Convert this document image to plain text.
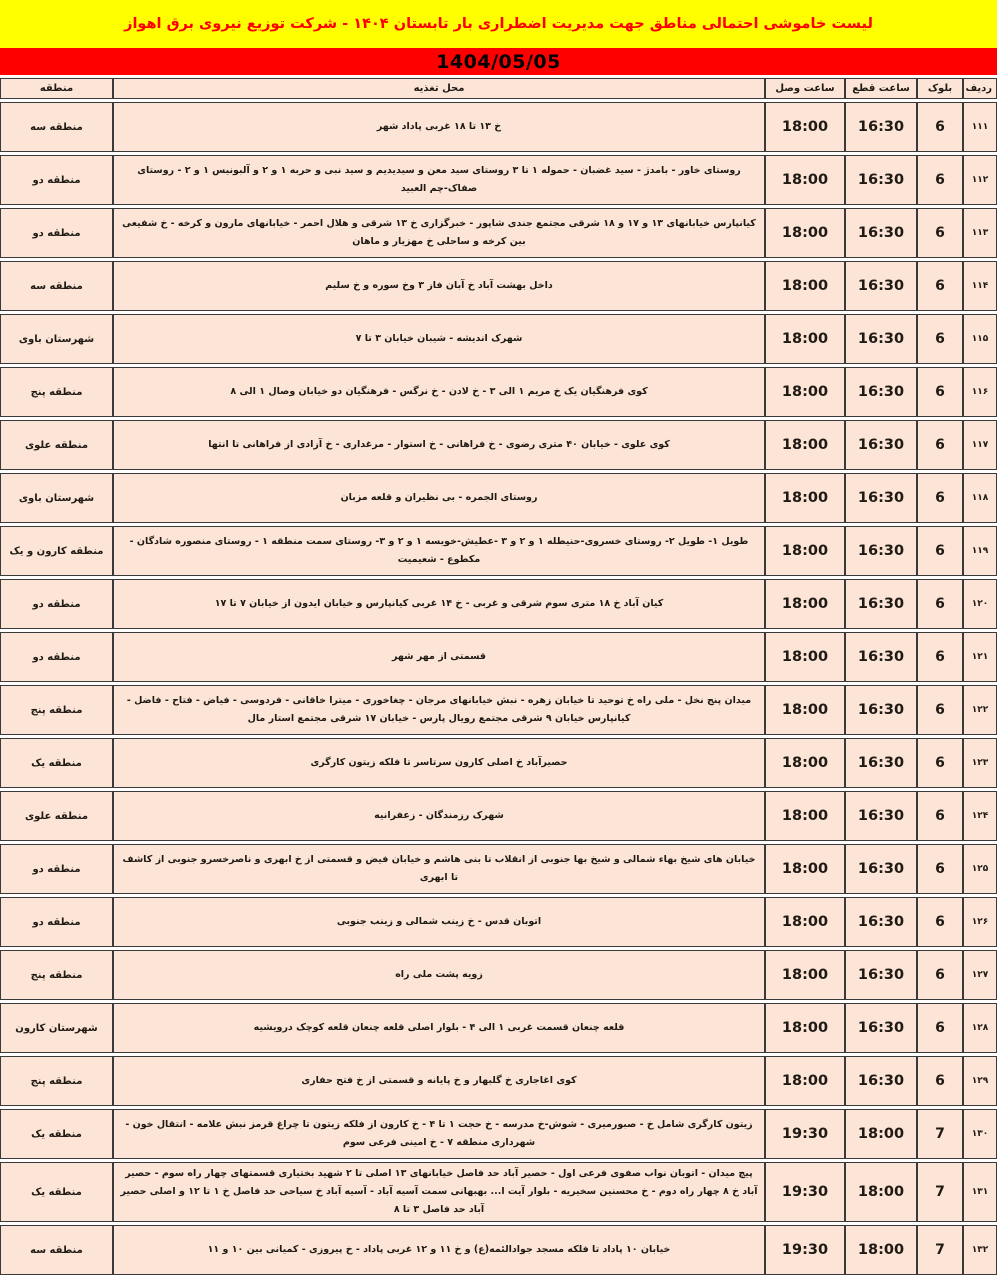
لیست خاموشی احتمالی مناطق جهت مدیریت اضطراری بار تابستان ۱۴۰۴ - شرکت توزیع نیروی برق اهواز
1404/05/05
ردیف	بلوک	ساعت قطع	ساعت وصل	محل تغذیه	منطقه
۱۱۱	6	16:30	18:00	خ ۱۳ تا ۱۸ غربی پاداد شهر	منطقه سه
۱۱۲	6	16:30	18:00	روستای خاور - بامدژ - سید غضبان - حموله ۱ تا ۳ روستای سید معن و سیدیدیم و سید نبی و حربه ۱ و ۲ و آلبونیس ۱ و ۲ - روستای صفاک-چم العبید	منطقه دو
۱۱۳	6	16:30	18:00	کیانپارس خیابانهای ۱۳ و ۱۷ و ۱۸ شرقی مجتمع جندی شاپور - خبرگزاری خ ۱۳ شرقی و هلال احمر - خیابانهای مارون و کرخه - خ شفیعی بین کرخه و ساحلی خ مهزیار و ماهان	منطقه دو
۱۱۴	6	16:30	18:00	داخل بهشت آباد خ آبان فاز ۳ وخ سوره و خ سلیم	منطقه سه
۱۱۵	6	16:30	18:00	شهرک اندیشه - شیبان خیابان ۳ تا ۷	شهرستان باوی
۱۱۶	6	16:30	18:00	کوی فرهنگیان یک خ مریم ۱ الی ۳ - خ لادن - خ نرگس - فرهنگیان دو خیابان وصال ۱ الی ۸	منطقه پنج
۱۱۷	6	16:30	18:00	کوی علوی - خیابان ۴۰ متری رضوی - خ فراهانی - خ استوار - مرغداری - خ آزادی از فراهانی تا انتها	منطقه علوی
۱۱۸	6	16:30	18:00	روستای الجمره - بی نظیران و قلعه مزبان	شهرستان باوی
۱۱۹	6	16:30	18:00	طویل ۱- طویل ۲- روستای خسروی-حنیطله ۱ و ۲ و ۳ -عطیش-خویسه ۱ و ۲ و ۳- روستای سمت منطقه ۱ - روستای منصوره شادگان - مکطوع - شعیمیت	منطقه کارون و یک
۱۲۰	6	16:30	18:00	کیان آباد خ ۱۸ متری سوم شرقی و غربی - خ ۱۴ غربی کیانپارس و خیابان ایدون از خیابان ۷ تا ۱۷	منطقه دو
۱۲۱	6	16:30	18:00	قسمتی از مهر شهر	منطقه دو
۱۲۲	6	16:30	18:00	میدان پنج نخل - ملی راه خ توحید تا خیابان زهره - نبش خیابانهای مرجان - چغاخوری - میترا خاقانی - فردوسی - فیاض - فتاح - فاضل - کیانپارس خیابان ۹ شرقی مجتمع رویال پارس - خیابان ۱۷ شرقی مجتمع استار مال	منطقه پنج
۱۲۳	6	16:30	18:00	حصیرآباد خ اصلی کارون سرتاسر تا فلکه زیتون کارگری	منطقه یک
۱۲۴	6	16:30	18:00	شهرک رزمندگان - زعفرانیه	منطقه علوی
۱۲۵	6	16:30	18:00	خیابان های شیخ بهاء شمالی و شیخ بها جنوبی از انقلاب تا بنی هاشم و خیابان فیض و قسمتی از خ ابهری و ناصرخسرو جنوبی از کاشف تا ابهری	منطقه دو
۱۲۶	6	16:30	18:00	اتوبان قدس - خ زینب شمالی و زینب جنوبی	منطقه دو
۱۲۷	6	16:30	18:00	زویه پشت ملی راه	منطقه پنج
۱۲۸	6	16:30	18:00	قلعه چنعان قسمت غربی ۱ الی ۴ - بلوار اصلی قلعه چنعان قلعه کوچک درویشیه	شهرستان کارون
۱۲۹	6	16:30	18:00	کوی اغاجاری خ گلبهار و خ پایانه و قسمتی از خ فتح حفاری	منطقه پنج
۱۳۰	7	18:00	19:30	زیتون کارگری شامل خ - صبورمیری - شوش-خ مدرسه - خ حجت ۱ تا ۴ - خ کارون از فلکه زیتون تا چراغ قرمز نبش علامه - انتقال خون - شهرداری منطقه ۷ - خ امینی فرعی سوم	منطقه یک
۱۳۱	7	18:00	19:30	پیچ میدان - اتوبان نواب صفوی فرعی اول - حصیر آباد حد فاصل خیابانهای ۱۳ اصلی تا ۲ شهید بختیاری قسمتهای چهار راه سوم - حصیر آباد خ ۸ چهار راه دوم - خ محسنین سخیریه - بلوار آیت ا... بهبهانی سمت آسیه آباد - آسیه آباد خ سیاحی حد فاصل خ ۱ تا ۱۲ و اصلی حصیر آباد حد فاصل ۳ تا ۸	منطقه یک
۱۳۲	7	18:00	19:30	خیابان ۱۰ پاداد تا فلکه مسجد جوادالئمه(ع) و خ ۱۱ و ۱۲ غربی پاداد - خ پیروزی - کمیانی بین ۱۰ و ۱۱	منطقه سه
